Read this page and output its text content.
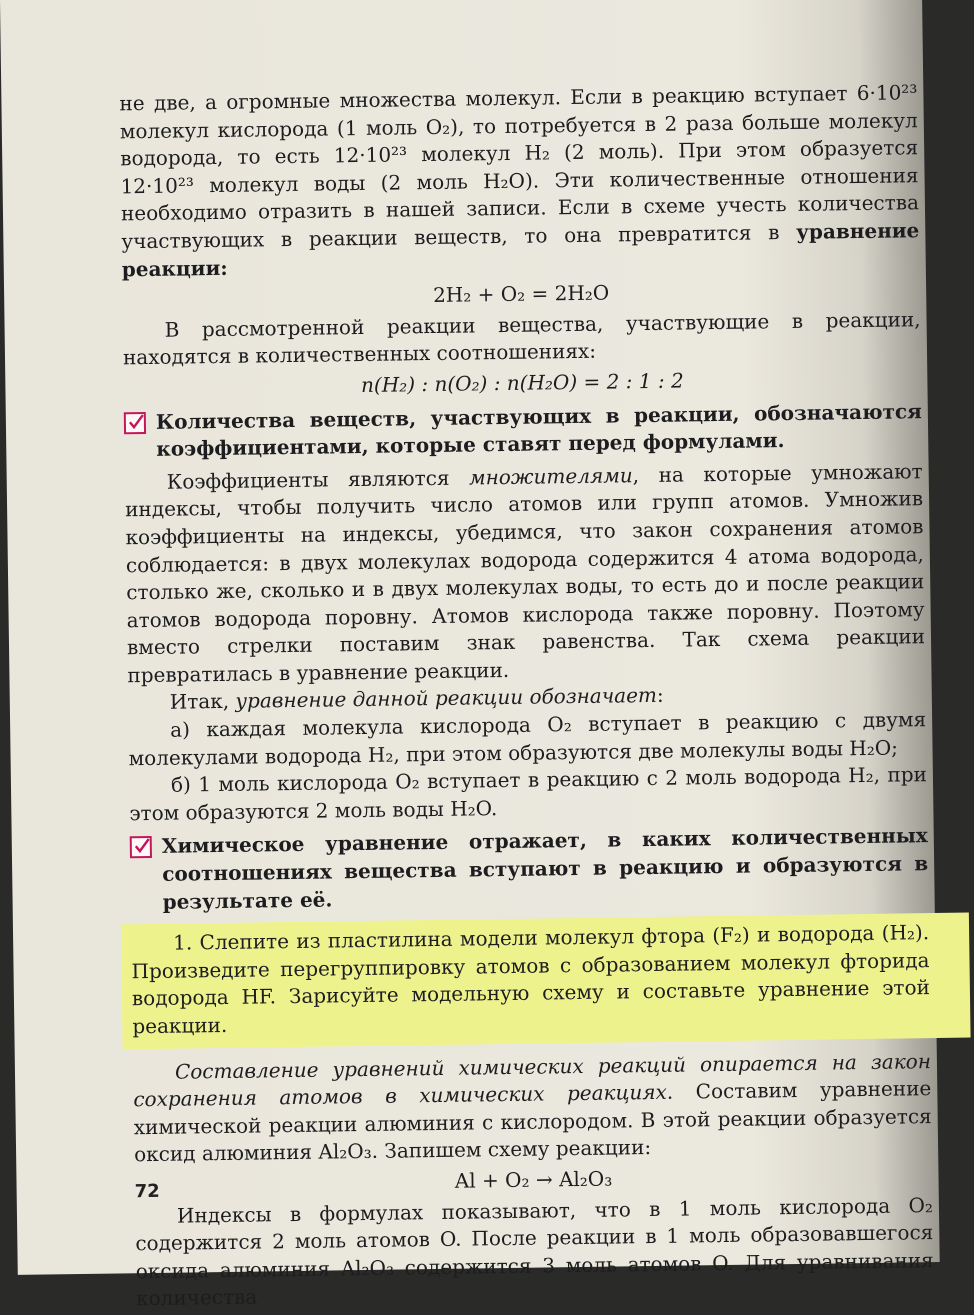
не две, а огромные множества молекул. Если в реакцию вступает 6·10²³ молекул кислорода (1 моль O₂), то потребуется в 2 раза больше молекул водорода, то есть 12·10²³ молекул H₂ (2 моль). При этом образуется 12·10²³ молекул воды (2 моль H₂O). Эти количественные отношения необходимо отразить в нашей записи. Если в схеме учесть количества участвующих в реакции веществ, то она превратится в уравнение реакции:

2H₂ + O₂ = 2H₂O

В рассмотренной реакции вещества, участвующие в реакции, находятся в количественных соотношениях:

n(H₂) : n(O₂) : n(H₂O) = 2 : 1 : 2

Количества веществ, участвующих в реакции, обозначаются коэффициентами, которые ставят перед формулами.

Коэффициенты являются множителями, на которые умножают индексы, чтобы получить число атомов или групп атомов. Умножив коэффициенты на индексы, убедимся, что закон сохранения атомов соблюдается: в двух молекулах водорода содержится 4 атома водорода, столько же, сколько и в двух молекулах воды, то есть до и после реакции атомов водорода поровну. Атомов кислорода также поровну. Поэтому вместо стрелки поставим знак равенства. Так схема реакции превратилась в уравнение реакции.

Итак, уравнение данной реакции обозначает:

а) каждая молекула кислорода O₂ вступает в реакцию с двумя молекулами водорода H₂, при этом образуются две молекулы воды H₂O;

б) 1 моль кислорода O₂ вступает в реакцию с 2 моль водорода H₂, при этом образуются 2 моль воды H₂O.

Химическое уравнение отражает, в каких количественных соотношениях вещества вступают в реакцию и образуются в результате её.

1. Слепите из пластилина модели молекул фтора (F₂) и водорода (H₂). Произведите перегруппировку атомов с образованием молекул фторида водорода HF. Зарисуйте модельную схему и составьте уравнение этой реакции.

Составление уравнений химических реакций опирается на закон сохранения атомов в химических реакциях. Составим уравнение химической реакции алюминия с кислородом. В этой реакции образуется оксид алюминия Al₂O₃. Запишем схему реакции:

Al + O₂ → Al₂O₃

Индексы в формулах показывают, что в 1 моль кислорода O₂ содержится 2 моль атомов O. После реакции в 1 моль образовавшегося оксида алюминия Al₂O₃ содержится 3 моль атомов O. Для уравнивания количества

72
